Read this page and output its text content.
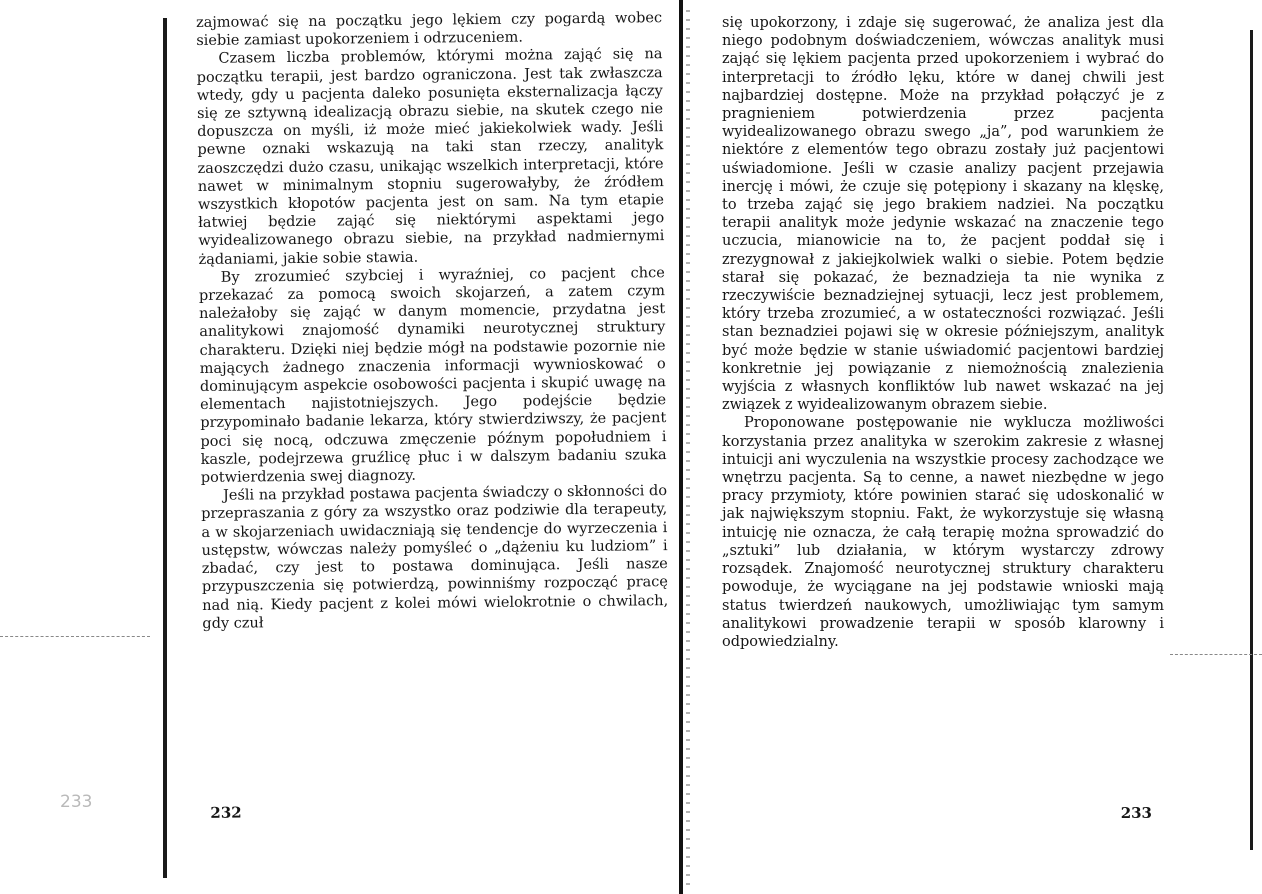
233

zajmować się na początku jego lękiem czy pogardą wobec siebie zamiast upokorzeniem i odrzuceniem.

Czasem liczba problemów, którymi można zająć się na początku terapii, jest bardzo ograniczona. Jest tak zwłaszcza wtedy, gdy u pacjenta daleko posunięta eksternalizacja łączy się ze sztywną idealizacją obrazu siebie, na skutek czego nie dopuszcza on myśli, iż może mieć jakiekolwiek wady. Jeśli pewne oznaki wskazują na taki stan rzeczy, analityk zaoszczędzi dużo czasu, unikając wszelkich interpretacji, które nawet w minimalnym stopniu sugerowałyby, że źródłem wszystkich kłopotów pacjenta jest on sam. Na tym etapie łatwiej będzie zająć się niektórymi aspektami jego wyidealizowanego obrazu siebie, na przykład nadmiernymi żądaniami, jakie sobie stawia.

By zrozumieć szybciej i wyraźniej, co pacjent chce przekazać za pomocą swoich skojarzeń, a zatem czym należałoby się zająć w danym momencie, przydatna jest analitykowi znajomość dynamiki neurotycznej struktury charakteru. Dzięki niej będzie mógł na podstawie pozornie nie mających żadnego znaczenia informacji wywnioskować o dominującym aspekcie osobowości pacjenta i skupić uwagę na elementach najistotniejszych. Jego podejście będzie przypominało badanie lekarza, który stwierdziwszy, że pacjent poci się nocą, odczuwa zmęczenie późnym popołudniem i kaszle, podejrzewa gruźlicę płuc i w dalszym badaniu szuka potwierdzenia swej diagnozy.

Jeśli na przykład postawa pacjenta świadczy o skłonności do przepraszania z góry za wszystko oraz podziwie dla terapeuty, a w skojarzeniach uwidaczniają się tendencje do wyrzeczenia i ustępstw, wówczas należy pomyśleć o „dążeniu ku ludziom” i zbadać, czy jest to postawa dominująca. Jeśli nasze przypuszczenia się potwierdzą, powinniśmy rozpocząć pracę nad nią. Kiedy pacjent z kolei mówi wielokrotnie o chwilach, gdy czuł

232

się upokorzony, i zdaje się sugerować, że analiza jest dla niego podobnym doświadczeniem, wówczas analityk musi zająć się lękiem pacjenta przed upokorzeniem i wybrać do interpretacji to źródło lęku, które w danej chwili jest najbardziej dostępne. Może na przykład połączyć je z pragnieniem potwierdzenia przez pacjenta wyidealizowanego obrazu swego „ja”, pod warunkiem że niektóre z elementów tego obrazu zostały już pacjentowi uświadomione. Jeśli w czasie analizy pacjent przejawia inercję i mówi, że czuje się potępiony i skazany na klęskę, to trzeba zająć się jego brakiem nadziei. Na początku terapii analityk może jedynie wskazać na znaczenie tego uczucia, mianowicie na to, że pacjent poddał się i zrezygnował z jakiejkolwiek walki o siebie. Potem będzie starał się pokazać, że beznadzieja ta nie wynika z rzeczywiście beznadziejnej sytuacji, lecz jest problemem, który trzeba zrozumieć, a w ostateczności rozwiązać. Jeśli stan beznadziei pojawi się w okresie późniejszym, analityk być może będzie w stanie uświadomić pacjentowi bardziej konkretnie jej powiązanie z niemożnością znalezienia wyjścia z własnych konfliktów lub nawet wskazać na jej związek z wyidealizowanym obrazem siebie.

Proponowane postępowanie nie wyklucza możliwości korzystania przez analityka w szerokim zakresie z własnej intuicji ani wyczulenia na wszystkie procesy zachodzące we wnętrzu pacjenta. Są to cenne, a nawet niezbędne w jego pracy przymioty, które powinien starać się udoskonalić w jak największym stopniu. Fakt, że wykorzystuje się własną intuicję nie oznacza, że całą terapię można sprowadzić do „sztuki” lub działania, w którym wystarczy zdrowy rozsądek. Znajomość neurotycznej struktury charakteru powoduje, że wyciągane na jej podstawie wnioski mają status twierdzeń naukowych, umożliwiając tym samym analitykowi prowadzenie terapii w sposób klarowny i odpowiedzialny.

233
